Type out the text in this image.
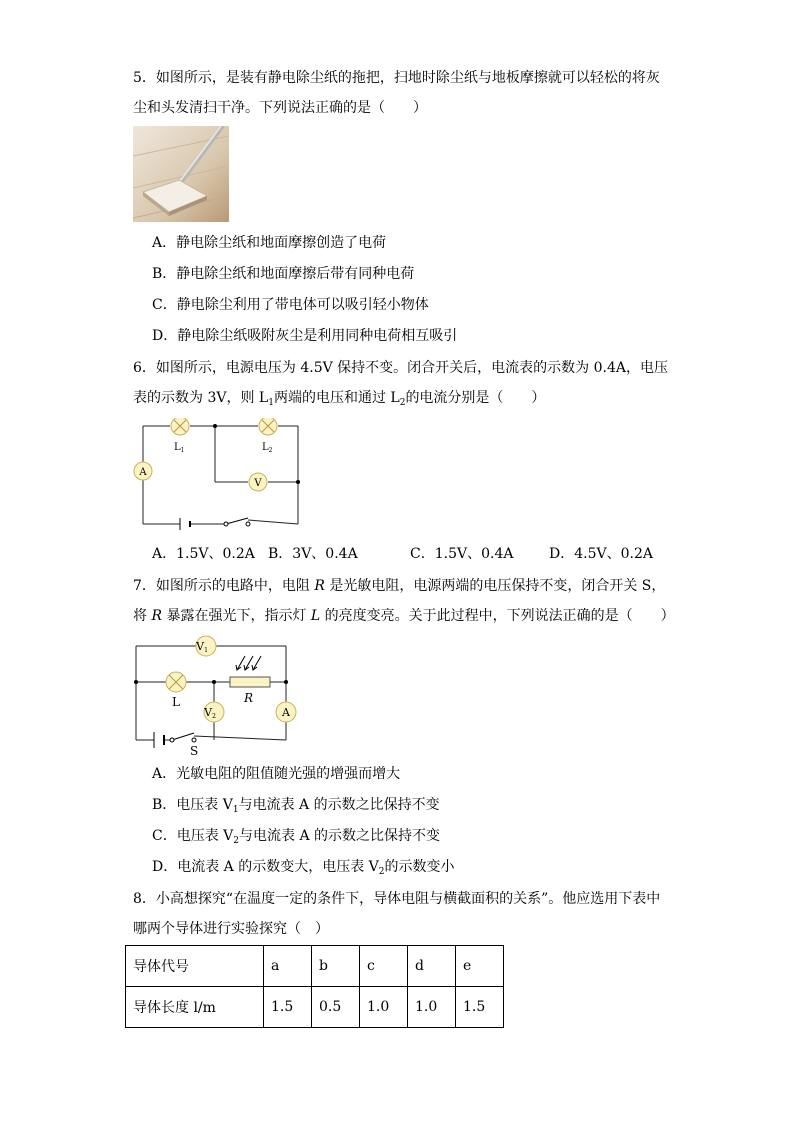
5．如图所示，是装有静电除尘纸的拖把，扫地时除尘纸与地板摩擦就可以轻松的将灰
尘和头发清扫干净。下列说法正确的是（　　）
A．静电除尘纸和地面摩擦创造了电荷
B．静电除尘纸和地面摩擦后带有同种电荷
C．静电除尘利用了带电体可以吸引轻小物体
D．静电除尘纸吸附灰尘是利用同种电荷相互吸引
6．如图所示，电源电压为 4.5V 保持不变。闭合开关后，电流表的示数为 0.4A，电压
表的示数为 3V，则 $L_1$两端的电压和通过 $L_2$的电流分别是（　　）
$L_1$	$L_2$
A
V
A．1.5V、0.2A B．3V、0.4A	C．1.5V、0.4A	D．4.5V、0.2A
7．如图所示的电路中，电阻 R 是光敏电阻，电源两端的电压保持不变，闭合开关 S，
将 R 暴露在强光下，指示灯 L 的亮度变亮。关于此过程中，下列说法正确的是（　　）
S
V1
L	R
V2	A
A．光敏电阻的阻值随光强的增强而增大
B．电压表 $V_1$与电流表 A 的示数之比保持不变
C．电压表 $V_2$与电流表 A 的示数之比保持不变
D．电流表 A 的示数变大，电压表 $V_2$的示数变小
8．小高想探究“在温度一定的条件下，导体电阻与横截面积的关系”。他应选用下表中
哪两个导体进行实验探究（　）
导体代号	a	b	c	d	e
导体长度 l/m	1.5	0.5	1.0	1.0	1.5
